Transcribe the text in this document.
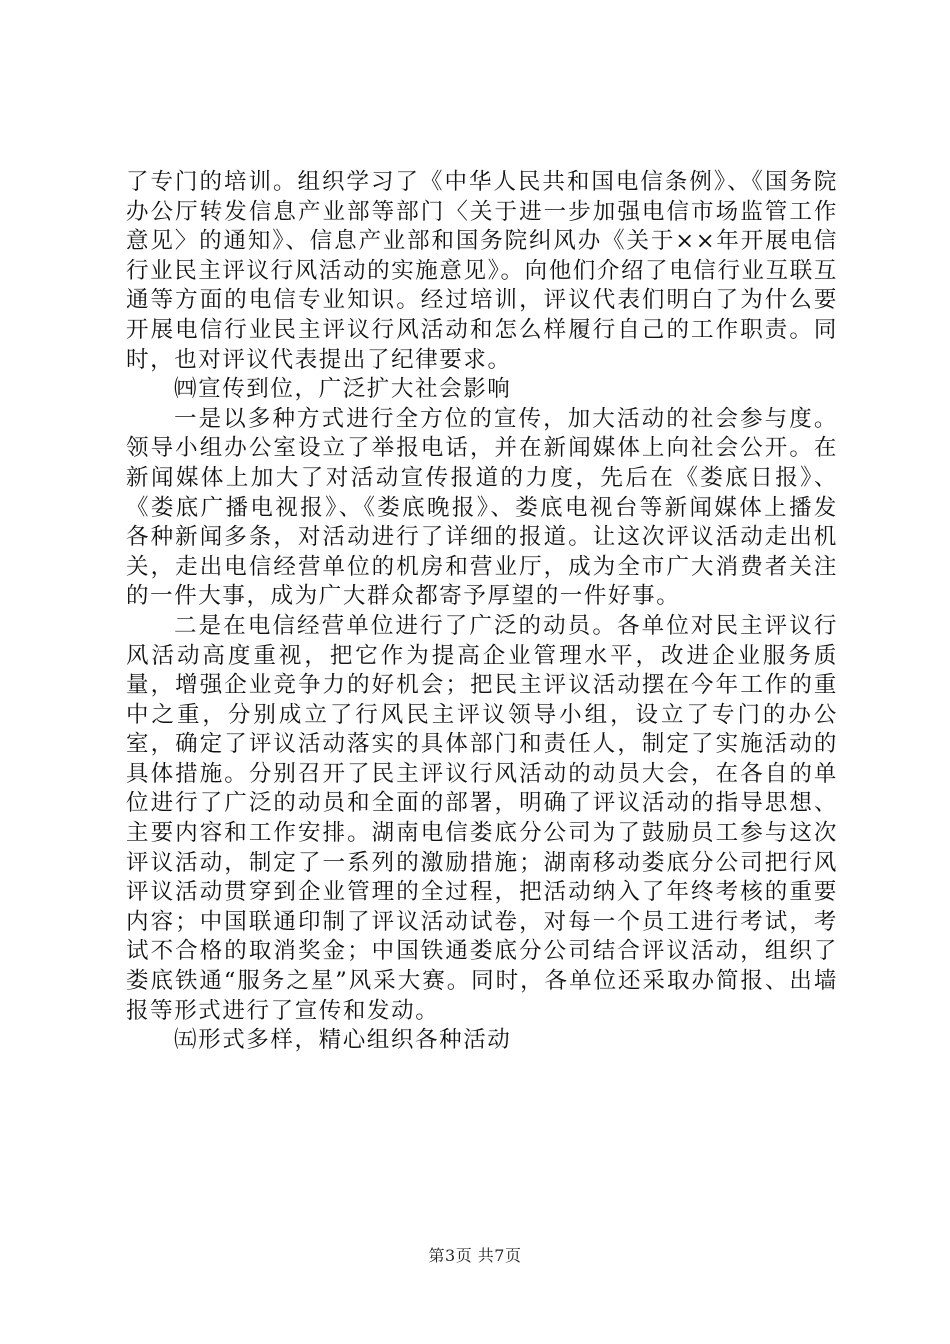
了专门的培训。组织学习了《中华人民共和国电信条例》、《国务院办公厅转发信息产业部等部门〈关于进一步加强电信市场监管工作意见〉的通知》、信息产业部和国务院纠风办《关于××年开展电信行业民主评议行风活动的实施意见》。向他们介绍了电信行业互联互通等方面的电信专业知识。经过培训，评议代表们明白了为什么要开展电信行业民主评议行风活动和怎么样履行自己的工作职责。同时，也对评议代表提出了纪律要求。

㈣宣传到位，广泛扩大社会影响

一是以多种方式进行全方位的宣传，加大活动的社会参与度。领导小组办公室设立了举报电话，并在新闻媒体上向社会公开。在新闻媒体上加大了对活动宣传报道的力度，先后在《娄底日报》、《娄底广播电视报》、《娄底晚报》、娄底电视台等新闻媒体上播发各种新闻多条，对活动进行了详细的报道。让这次评议活动走出机关，走出电信经营单位的机房和营业厅，成为全市广大消费者关注的一件大事，成为广大群众都寄予厚望的一件好事。

二是在电信经营单位进行了广泛的动员。各单位对民主评议行风活动高度重视，把它作为提高企业管理水平，改进企业服务质量，增强企业竞争力的好机会；把民主评议活动摆在今年工作的重中之重，分别成立了行风民主评议领导小组，设立了专门的办公室，确定了评议活动落实的具体部门和责任人，制定了实施活动的具体措施。分别召开了民主评议行风活动的动员大会，在各自的单位进行了广泛的动员和全面的部署，明确了评议活动的指导思想、主要内容和工作安排。湖南电信娄底分公司为了鼓励员工参与这次评议活动，制定了一系列的激励措施；湖南移动娄底分公司把行风评议活动贯穿到企业管理的全过程，把活动纳入了年终考核的重要内容；中国联通印制了评议活动试卷，对每一个员工进行考试，考试不合格的取消奖金；中国铁通娄底分公司结合评议活动，组织了娄底铁通“服务之星”风采大赛。同时，各单位还采取办简报、出墙报等形式进行了宣传和发动。

㈤形式多样，精心组织各种活动

第3页 共7页
